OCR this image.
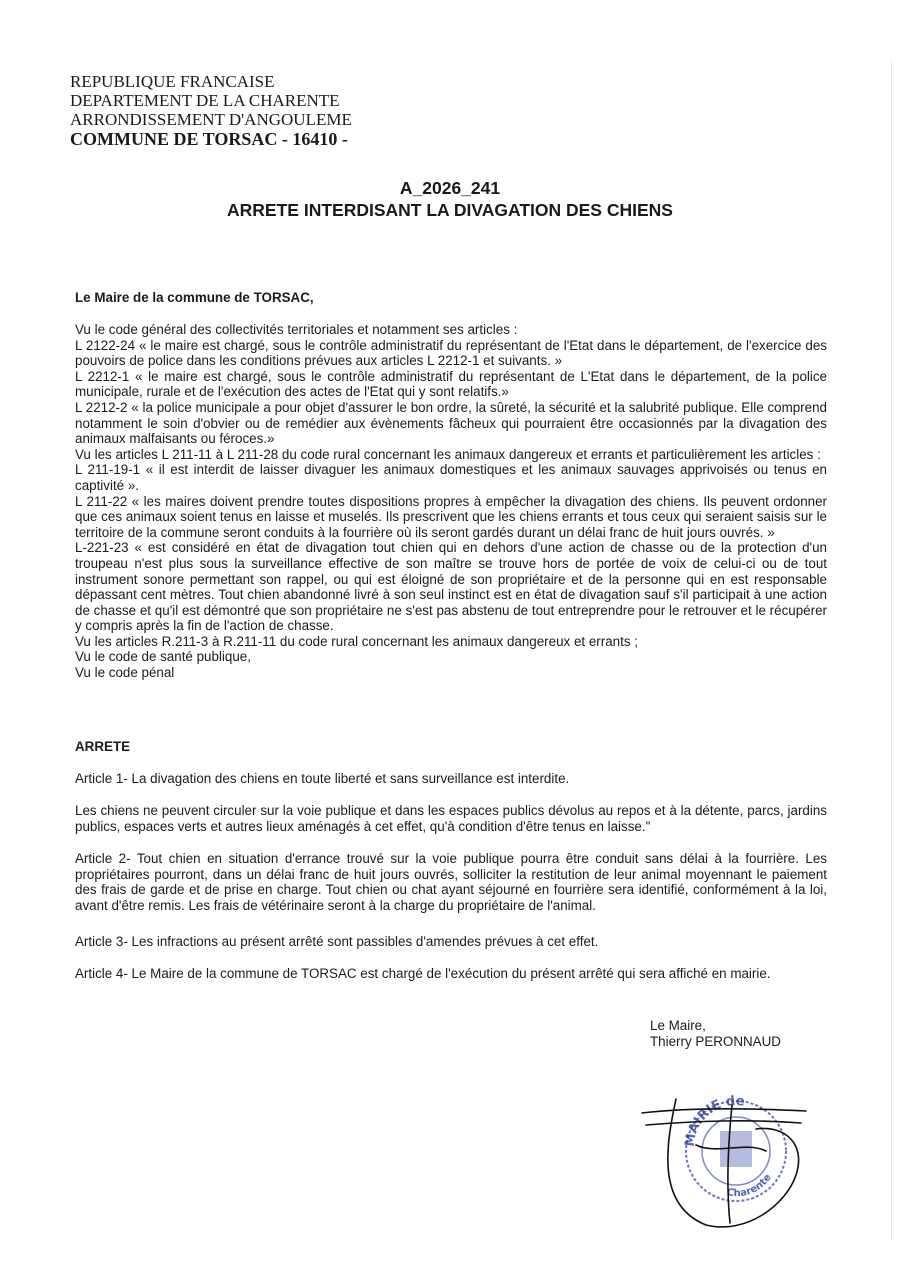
REPUBLIQUE FRANCAISE
DEPARTEMENT DE LA CHARENTE
ARRONDISSEMENT D'ANGOULEME
COMMUNE DE TORSAC - 16410 -
A_2026_241
ARRETE INTERDISANT LA DIVAGATION DES CHIENS
Le Maire de la commune de TORSAC,

Vu le code général des collectivités territoriales et notamment ses articles :

L 2122-24 « le maire est chargé, sous le contrôle administratif du représentant de l'Etat dans le département, de l'exercice des pouvoirs de police dans les conditions prévues aux articles L 2212-1 et suivants. »

L 2212-1 « le maire est chargé, sous le contrôle administratif du représentant de L'Etat dans le département, de la police municipale, rurale et de l'exécution des actes de l'Etat qui y sont relatifs.»

L 2212-2 « la police municipale a pour objet d'assurer le bon ordre, la sûreté, la sécurité et la salubrité publique. Elle comprend notamment le soin d'obvier ou de remédier aux évènements fâcheux qui pourraient être occasionnés par la divagation des animaux malfaisants ou féroces.»

Vu les articles L 211-11 à L 211-28 du code rural concernant les animaux dangereux et errants et particulièrement les articles :

L 211-19-1 « il est interdit de laisser divaguer les animaux domestiques et les animaux sauvages apprivoisés ou tenus en captivité ».

L 211-22 « les maires doivent prendre toutes dispositions propres à empêcher la divagation des chiens. Ils peuvent ordonner que ces animaux soient tenus en laisse et muselés. Ils prescrivent que les chiens errants et tous ceux qui seraient saisis sur le territoire de la commune seront conduits à la fourrière où ils seront gardés durant un délai franc de huit jours ouvrés. »

L-221-23 « est considéré en état de divagation tout chien qui en dehors d'une action de chasse ou de la protection d'un troupeau n'est plus sous la surveillance effective de son maître se trouve hors de portée de voix de celui-ci ou de tout instrument sonore permettant son rappel, ou qui est éloigné de son propriétaire et de la personne qui en est responsable dépassant cent mètres. Tout chien abandonné livré à son seul instinct est en état de divagation sauf s'il participait à une action de chasse et qu'il est démontré que son propriétaire ne s'est pas abstenu de tout entreprendre pour le retrouver et le récupérer y compris après la fin de l'action de chasse.

Vu les articles R.211-3 à R.211-11 du code rural concernant les animaux dangereux et errants ;

Vu le code de santé publique,

Vu le code pénal

ARRETE

Article 1- La divagation des chiens en toute liberté et sans surveillance est interdite.

Les chiens ne peuvent circuler sur la voie publique et dans les espaces publics dévolus au repos et à la détente, parcs, jardins publics, espaces verts et autres lieux aménagés à cet effet, qu'à condition d'être tenus en laisse."

Article 2- Tout chien en situation d'errance trouvé sur la voie publique pourra être conduit sans délai à la fourrière. Les propriétaires pourront, dans un délai franc de huit jours ouvrés, solliciter la restitution de leur animal moyennant le paiement des frais de garde et de prise en charge. Tout chien ou chat ayant séjourné en fourrière sera identifié, conformément à la loi, avant d'être remis. Les frais de vétérinaire seront à la charge du propriétaire de l'animal.

Article 3- Les infractions au présent arrêté sont passibles d'amendes prévues à cet effet.

Article 4- Le Maire de la commune de TORSAC est chargé de l'exécution du présent arrêté qui sera affiché en mairie.

Le Maire,
Thierry PERONNAUD
MAIRIE de
Charente
